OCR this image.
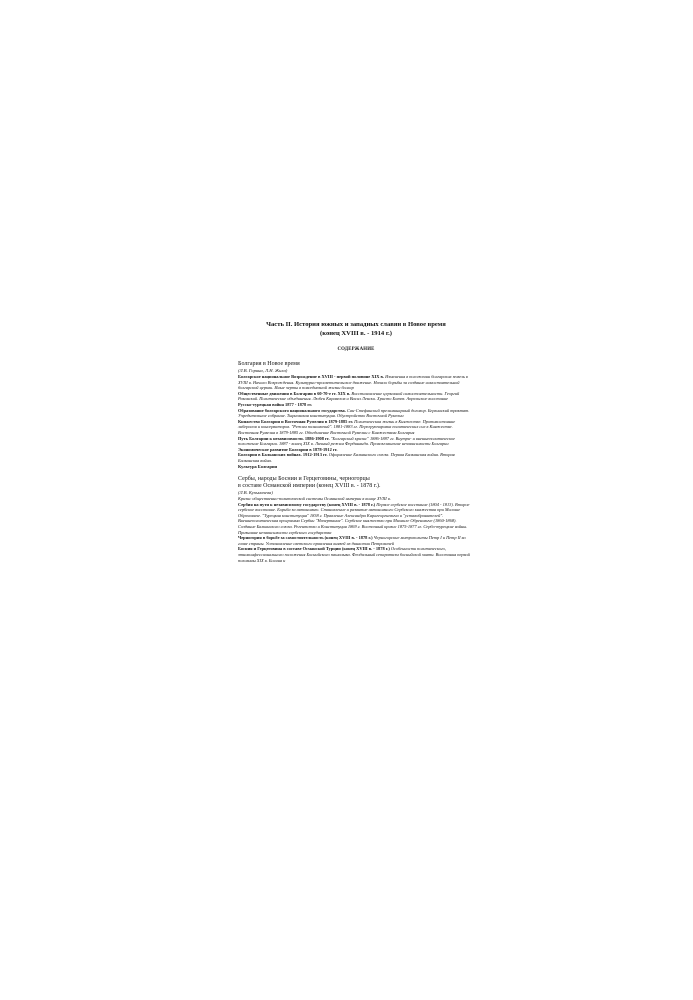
Часть II. История южных и западных славян в Новое время
(конец XVIII в. - 1914 г.)
СОДЕРЖАНИЕ
Болгария в Новое время
(Л.В. Горина, Л.Н. Жила)
Болгарское национальное Возрождение в XVIII - первой половине XIX в. Изменения в положении болгарских земель в XVIII в. Начало Возрождения. Культурно-просветительское движение. Начало борьбы за создание самостоятельной болгарской церкви. Иные черты в повседневной жизни болгар
Общественные движения в Болгарии в 60-70-е гг. XIX в. Восстановление церковной самостоятельности. Георгий Раковский. Политические объединения. Любен Каравелов и Васил Левски. Христо Ботев. Апрельское восстание
Русско-турецкая война 1877 - 1878 гг.
Образование болгарского национального государства. Сан-Стефанский прелиминарный договор. Берлинский трактат. Учредительное собрание. Тырновская конституция. Обустройство Восточной Румелии
Княжество Болгария и Восточная Румелия в 1879-1885 гг. Политическая жизнь в Княжестве. Противостояние либералов и консерваторов. "Режим полномочий". 1881-1883 гг. Перегруппировка политических сил в Княжестве. Восточная Румелия в 1879-1885 гг. Объединение Восточной Румелии с Княжеством Болгария
Путь Болгарии к независимости. 1886-1908 гг. "Болгарский кризис" 1886-1887 гг. Внутри- и внешнеполитическое положение Болгарии. 1887 - конец XIX в. Личный режим Фердинанда. Провозглашение независимости Болгарии
Экономическое развитие Болгарии в 1878-1912 гг.
Болгария в Балканских войнах. 1912-1913 гг. Оформление Балканского союза. Первая Балканская война. Вторая Балканская война.
Культура Болгарии
Сербы, народы Боснии и Герцеговины, черногорцы
в составе Османской империи (конец XVIII в. - 1878 г.).
(Л.В. Кузьмичева)
Кризис общественно-политической системы Османской империи в конце XVIII в.
Сербия на пути к независимому государству (конец XVIII в. - 1878 г.) Первое сербское восстание (1804 - 1813). Второе сербское восстание. Борьба за автономию. Становление и развитие автономного Сербского княжества при Милоше Обреновиче. "Турецкая конституция" 1838 г. Правление Александра Карагеоргиевича и "уставобранителей". Внешнеполитическая программа Сербии "Начертание". Сербское княжество при Михаиле Обреновиче (1860-1868). Создание Балканского союза. Регентство и Конституция 1869 г. Восточный кризис 1875-1877 гг. Сербо-турецкие войны. Признание независимости сербского государства
Черногория в борьбе за самостоятельность (конец XVIII в. - 1878 г.) Черногорские митрополиты Петр I и Петр II во главе страны. Установление светского правления князей из династии Петровичей
Босния и Герцеговина в составе Османской Турции (конец XVIII в. - 1878 г.) Особенности политического, этноконфессионального положения Боснийского пашалыка. Феодальный сепаратизм боснийской знати. Восстания первой половины XIX в. Босния и
